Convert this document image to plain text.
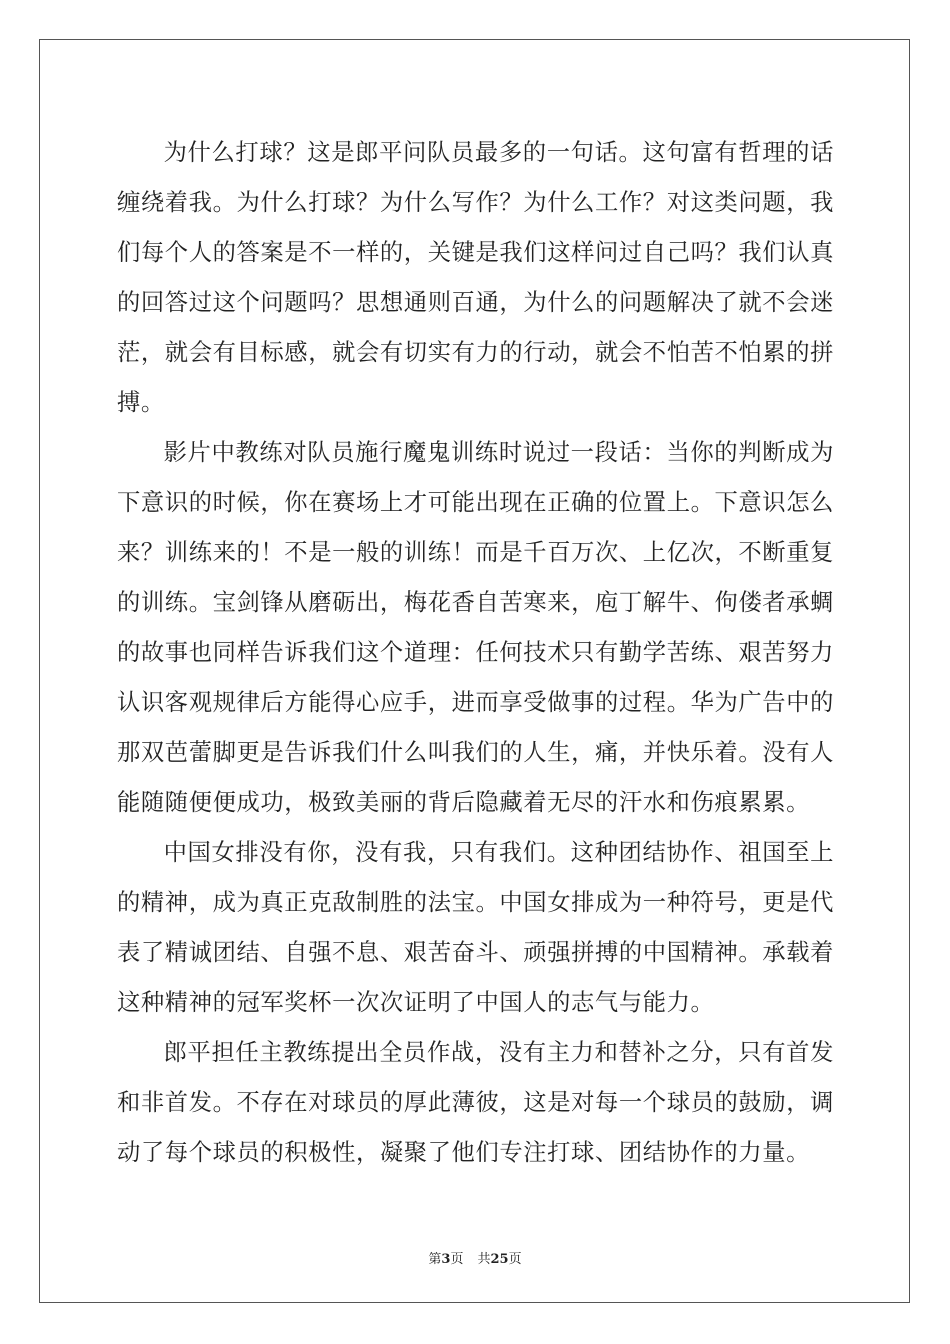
为什么打球？这是郎平问队员最多的一句话。这句富有哲理的话缠绕着我。为什么打球？为什么写作？为什么工作？对这类问题，我们每个人的答案是不一样的，关键是我们这样问过自己吗？我们认真的回答过这个问题吗？思想通则百通，为什么的问题解决了就不会迷茫，就会有目标感，就会有切实有力的行动，就会不怕苦不怕累的拼搏。

影片中教练对队员施行魔鬼训练时说过一段话：当你的判断成为下意识的时候，你在赛场上才可能出现在正确的位置上。下意识怎么来？训练来的！不是一般的训练！而是千百万次、上亿次，不断重复的训练。宝剑锋从磨砺出，梅花香自苦寒来，庖丁解牛、佝偻者承蜩的故事也同样告诉我们这个道理：任何技术只有勤学苦练、艰苦努力认识客观规律后方能得心应手，进而享受做事的过程。华为广告中的那双芭蕾脚更是告诉我们什么叫我们的人生，痛，并快乐着。没有人能随随便便成功，极致美丽的背后隐藏着无尽的汗水和伤痕累累。

中国女排没有你，没有我，只有我们。这种团结协作、祖国至上的精神，成为真正克敌制胜的法宝。中国女排成为一种符号，更是代表了精诚团结、自强不息、艰苦奋斗、顽强拼搏的中国精神。承载着这种精神的冠军奖杯一次次证明了中国人的志气与能力。

郎平担任主教练提出全员作战，没有主力和替补之分，只有首发和非首发。不存在对球员的厚此薄彼，这是对每一个球员的鼓励，调动了每个球员的积极性，凝聚了他们专注打球、团结协作的力量。

第3页 共25页
